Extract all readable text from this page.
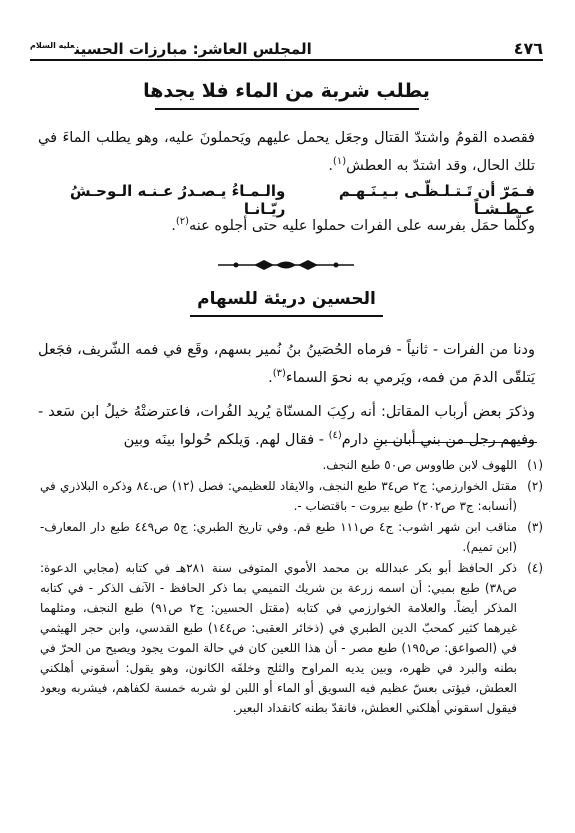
٤٧٦
المجلس العاشر: مبارزات الحسين$^{عليه السلام}$
يطلب شربة من الماء فلا يجدها

فقصده القومُ واشتدّ القتال وجعَل يحمل عليهم ويَحملونَ عليه، وهو يطلب الماءَ في تلك الحال، وقد اشتدّ به العطش$^{(١)}$.

فـمَرّ أن تَـتـلـظّـى بـيـنَـهـم عـطـشـاً
والـمـاءُ يـصـدرُ عـنـه الـوحـشُ ريّـانـا

وكلّما حمَل بفرسه على الفرات حملوا عليه حتى أجلوه عنه$^{(٢)}$.

الحسين دريئة للسهام

ودنا من الفرات - ثانياً - فرماه الحُصَينُ بنُ نُمير بسهم، وقَع في فمه الشّريف، فجَعل يَتلقّى الدمَ من فمه، ويَرمي به نحوَ السماء$^{(٣)}$.

وذكرَ بعض أرباب المقاتل: أنه ركِبَ المسنّاة يُريد الفُرات، فاعترضتْهُ خيلُ ابن سَعد - وفيهم رجل من بني أبان بنِ دارم$^{(٤)}$ - فقال لهم. وَيلكم حُولوا بينَه وبين

(١)
اللهوف لابن طاووس ص٥٠ طبع النجف.
(٢)
مقتل الخوارزمي: ج٢ ص٣٤ طبع النجف، والايقاد للعظيمي: فصل (١٢) ص.٨٤ وذكره البلاذري في (أنسابه: ج٣ ص٢٠٢) طبع بيروت - باقتضاب -.
(٣)
مناقب ابن شهر اشوب: ج٤ ص١١١ طبع قم. وفي تاريخ الطبري: ج٥ ص٤٤٩ طبع دار المعارف- (ابن تميم).
(٤)
ذكر الحافظ أبو بكر عبدالله بن محمد الأموي المتوفى سنة ٢٨١هـ في كتابه (مجابي الدعوة: ص٣٨) طبع بمبي: أن اسمه زرعة بن شريك التميمي بما ذكر الحافظ - الآنف الذكر - في كتابه المذكر أيضاً. والعلامة الخوارزمي في كتابه (مقتل الحسين: ج٢ ص٩١) طبع النجف، ومثلهما غيرهما كثير كمحبّ الدين الطبري في (ذخائر العقبى: ص١٤٤) طبع القدسي، وابن حجر الهيثمي في (الصواعق: ص١٩٥) طبع مصر - أن هذا اللعين كان في حالة الموت يجود ويصيح من الحرّ في بطنه والبرد في ظهره، وبين يديه المراوح والثلج وخلفَه الكانون، وهو يقول: أسقوني أهلكني العطش، فيؤتى بعسّ عظيم فيه السويق أو الماء أو اللبن لو شربه خمسة لكفاهم، فيشربه ويعود فيقول اسقوني أهلكني العطش، فانقدّ بطنه كانقداد البعير.
